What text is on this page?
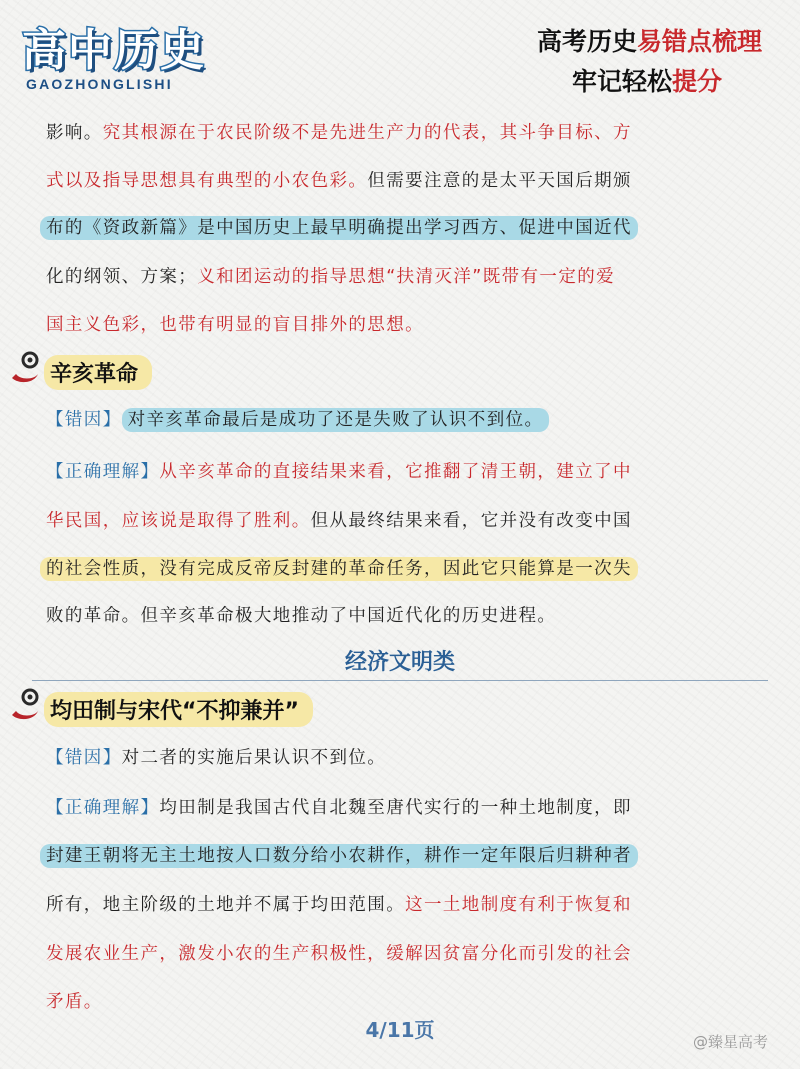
高中历史
GAOZHONGLISHI
高考历史易错点梳理
牢记轻松提分
影响。究其根源在于农民阶级不是先进生产力的代表，其斗争目标、方
式以及指导思想具有典型的小农色彩。但需要注意的是太平天国后期颁
布的《资政新篇》是中国历史上最早明确提出学习西方、促进中国近代
化的纲领、方案；义和团运动的指导思想“扶清灭洋”既带有一定的爱
国主义色彩，也带有明显的盲目排外的思想。
辛亥革命
【错因】 对辛亥革命最后是成功了还是失败了认识不到位。
【正确理解】从辛亥革命的直接结果来看，它推翻了清王朝，建立了中
华民国，应该说是取得了胜利。但从最终结果来看，它并没有改变中国
的社会性质，没有完成反帝反封建的革命任务，因此它只能算是一次失
败的革命。但辛亥革命极大地推动了中国近代化的历史进程。
经济文明类
均田制与宋代“不抑兼并”
【错因】对二者的实施后果认识不到位。
【正确理解】均田制是我国古代自北魏至唐代实行的一种土地制度，即
封建王朝将无主土地按人口数分给小农耕作，耕作一定年限后归耕种者
所有，地主阶级的土地并不属于均田范围。这一土地制度有利于恢复和
发展农业生产，激发小农的生产积极性，缓解因贫富分化而引发的社会
矛盾。
4/11页	@臻星高考
